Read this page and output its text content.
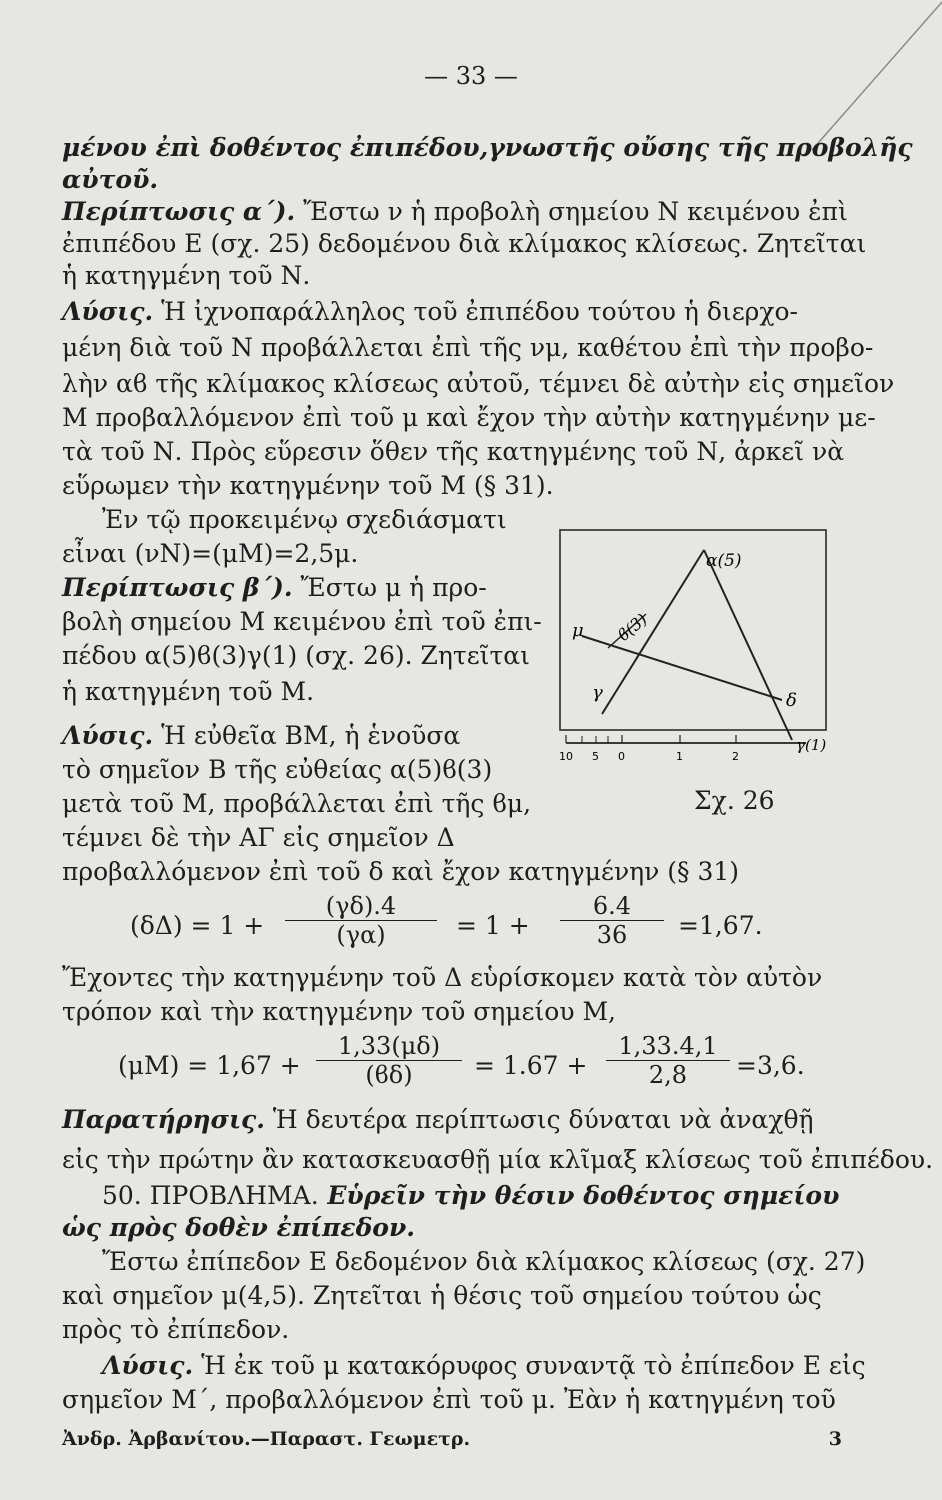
— 33 —
μένου ἐπὶ δοθέντος ἐπιπέδου,γνωστῆς οὔσης τῆς προβολῆς
αὐτοῦ.
Περίπτωσις α΄). Ἔστω ν ἡ προβολὴ σημείου Ν κειμένου ἐπὶ
ἐπιπέδου Ε (σχ. 25) δεδομένου διὰ κλίμακος κλίσεως. Ζητεῖται
ἡ κατηγμένη τοῦ Ν.
Λύσις. Ἡ ἰχνοπαράλληλος τοῦ ἐπιπέδου τούτου ἡ διερχο-
μένη διὰ τοῦ Ν προβάλλεται ἐπὶ τῆς νμ, καθέτου ἐπὶ τὴν προβο-
λὴν αϐ τῆς κλίμακος κλίσεως αὐτοῦ, τέμνει δὲ αὐτὴν εἰς σημεῖον
Μ προβαλλόμενον ἐπὶ τοῦ μ καὶ ἔχον τὴν αὐτὴν κατηγμένην με-
τὰ τοῦ Ν. Πρὸς εὕρεσιν ὅθεν τῆς κατηγμένης τοῦ Ν, ἀρκεῖ νὰ
εὕρωμεν τὴν κατηγμένην τοῦ Μ (§ 31).
Ἐν τῷ προκειμένῳ σχεδιάσματι
εἶναι (νΝ)=(μΜ)=2,5μ.
Περίπτωσις β΄). Ἔστω μ ἡ προ-
βολὴ σημείου Μ κειμένου ἐπὶ τοῦ ἐπι-
πέδου α(5)ϐ(3)γ(1) (σχ. 26). Ζητεῖται
ἡ κατηγμένη τοῦ Μ.
Λύσις. Ἡ εὐθεῖα ΒΜ, ἡ ἑνοῦσα
τὸ σημεῖον Β τῆς εὐθείας α(5)ϐ(3)
μετὰ τοῦ Μ, προβάλλεται ἐπὶ τῆς ϐμ,
τέμνει δὲ τὴν ΑΓ εἰς σημεῖον Δ
προβαλλόμενον ἐπὶ τοῦ δ καὶ ἔχον κατηγμένην (§ 31)
α(5)
ϐ(3)
μ
γ	δ
γ(1)
10 5 0	1	2
Σχ. 26
$(\delta\Delta) = 1 + \frac{(\gamma\delta).4}{(\gamma\alpha)} = 1 + \frac{6.4}{36} =1,67$.
Ἔχοντες τὴν κατηγμένην τοῦ Δ εὑρίσκομεν κατὰ τὸν αὐτὸν
τρόπον καὶ τὴν κατηγμένην τοῦ σημείου Μ,
$(\mu M) = 1,67 + \frac{1,33(\mu\delta)}{(ϐ\delta)} = 1.67 + \frac{1,33.4,1}{2,8} =3,6$.
Παρατήρησις. Ἡ δευτέρα περίπτωσις δύναται νὰ ἀναχθῇ
εἰς τὴν πρώτην ἂν κατασκευασθῇ μία κλῖμαξ κλίσεως τοῦ ἐπιπέδου.
50. ΠΡΟΒΛΗΜΑ. Εὑρεῖν τὴν θέσιν δοθέντος σημείου
ὡς πρὸς δοθὲν ἐπίπεδον.
Ἔστω ἐπίπεδον Ε δεδομένον διὰ κλίμακος κλίσεως (σχ. 27)
καὶ σημεῖον μ(4,5). Ζητεῖται ἡ θέσις τοῦ σημείου τούτου ὡς
πρὸς τὸ ἐπίπεδον.
Λύσις. Ἡ ἐκ τοῦ μ κατακόρυφος συναντᾷ τὸ ἐπίπεδον Ε εἰς
σημεῖον Μ΄, προβαλλόμενον ἐπὶ τοῦ μ. Ἐὰν ἡ κατηγμένη τοῦ
Ἀνδρ. Ἀρβανίτου.—Παραστ. Γεωμετρ.	3
